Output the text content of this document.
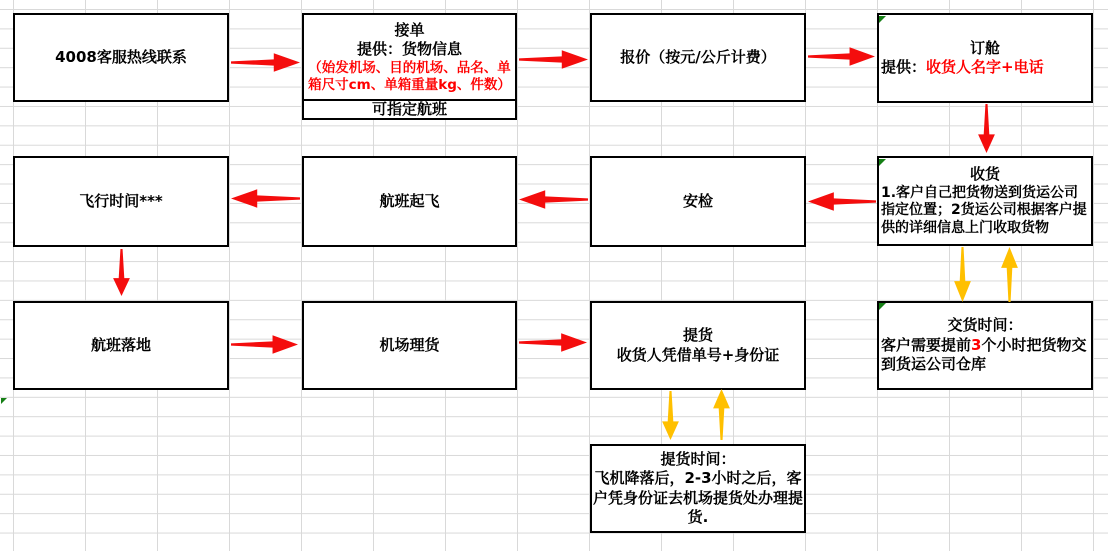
4008客服热线联系
接单
提供：货物信息
（始发机场、目的机场、品名、单箱尺寸cm、单箱重量kg、件数）
可指定航班
报价（按元/公斤计费）
订舱
提供：收货人名字+电话
飞行时间***	航班起飞	安检
收货
1.客户自己把货物送到货运公司指定位置；2货运公司根据客户提供的详细信息上门收取货物
航班落地	机场理货
提货
收货人凭借单号+身份证
交货时间：
客户需要提前3个小时把货物交到货运公司仓库
提货时间：
飞机降落后，2-3小时之后，客户凭身份证去机场提货处办理提货.
